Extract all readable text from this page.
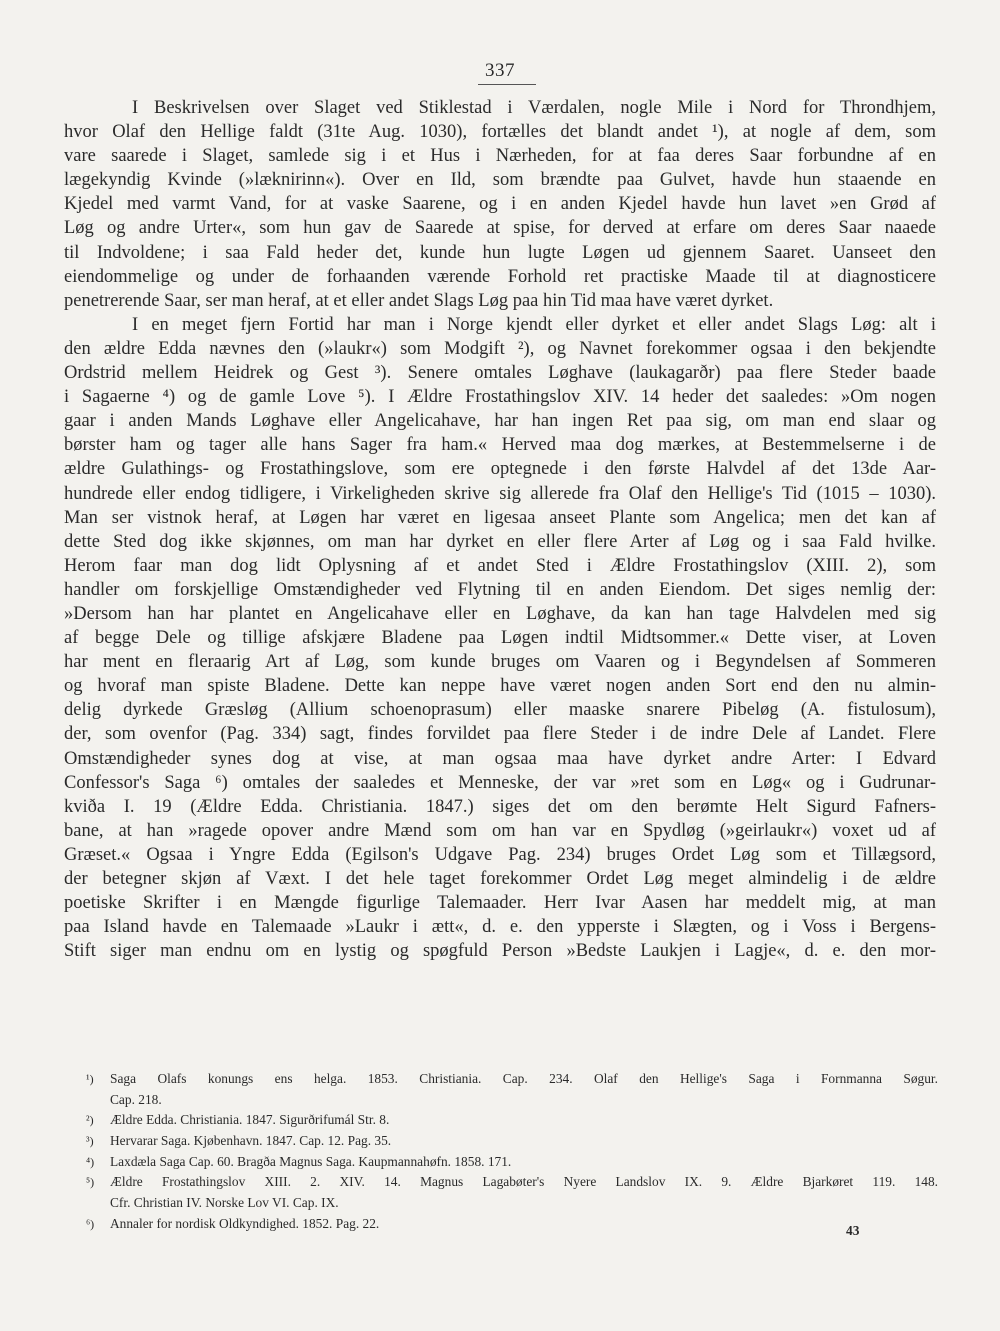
337
I Beskrivelsen over Slaget ved Stiklestad i Værdalen, nogle Mile i Nord for Throndhjem,
hvor Olaf den Hellige faldt (31te Aug. 1030), fortælles det blandt andet ¹), at nogle af dem, som
vare saarede i Slaget, samlede sig i et Hus i Nærheden, for at faa deres Saar forbundne af en
lægekyndig Kvinde (»læknirinn«). Over en Ild, som brændte paa Gulvet, havde hun staaende en
Kjedel med varmt Vand, for at vaske Saarene, og i en anden Kjedel havde hun lavet »en Grød af
Løg og andre Urter«, som hun gav de Saarede at spise, for derved at erfare om deres Saar naaede
til Indvoldene; i saa Fald heder det, kunde hun lugte Løgen ud gjennem Saaret. Uanseet den
eiendommelige og under de forhaanden værende Forhold ret practiske Maade til at diagnosticere
penetrerende Saar, ser man heraf, at et eller andet Slags Løg paa hin Tid maa have været dyrket.
I en meget fjern Fortid har man i Norge kjendt eller dyrket et eller andet Slags Løg: alt i
den ældre Edda nævnes den (»laukr«) som Modgift ²), og Navnet forekommer ogsaa i den bekjendte
Ordstrid mellem Heidrek og Gest ³). Senere omtales Løghave (laukagarðr) paa flere Steder baade
i Sagaerne ⁴) og de gamle Love ⁵). I Ældre Frostathingslov XIV. 14 heder det saaledes: »Om nogen
gaar i anden Mands Løghave eller Angelicahave, har han ingen Ret paa sig, om man end slaar og
børster ham og tager alle hans Sager fra ham.« Herved maa dog mærkes, at Bestemmelserne i de
ældre Gulathings- og Frostathingslove, som ere optegnede i den første Halvdel af det 13de Aar-
hundrede eller endog tidligere, i Virkeligheden skrive sig allerede fra Olaf den Hellige's Tid (1015 – 1030).
Man ser vistnok heraf, at Løgen har været en ligesaa anseet Plante som Angelica; men det kan af
dette Sted dog ikke skjønnes, om man har dyrket en eller flere Arter af Løg og i saa Fald hvilke.
Herom faar man dog lidt Oplysning af et andet Sted i Ældre Frostathingslov (XIII. 2), som
handler om forskjellige Omstændigheder ved Flytning til en anden Eiendom. Det siges nemlig der:
»Dersom han har plantet en Angelicahave eller en Løghave, da kan han tage Halvdelen med sig
af begge Dele og tillige afskjære Bladene paa Løgen indtil Midtsommer.« Dette viser, at Loven
har ment en fleraarig Art af Løg, som kunde bruges om Vaaren og i Begyndelsen af Sommeren
og hvoraf man spiste Bladene. Dette kan neppe have været nogen anden Sort end den nu almin-
delig dyrkede Græsløg (Allium schoenoprasum) eller maaske snarere Pibeløg (A. fistulosum),
der, som ovenfor (Pag. 334) sagt, findes forvildet paa flere Steder i de indre Dele af Landet. Flere
Omstændigheder synes dog at vise, at man ogsaa maa have dyrket andre Arter: I Edvard
Confessor's Saga ⁶) omtales der saaledes et Menneske, der var »ret som en Løg« og i Gudrunar-
kviða I. 19 (Ældre Edda. Christiania. 1847.) siges det om den berømte Helt Sigurd Fafners-
bane, at han »ragede opover andre Mænd som om han var en Spydløg (»geirlaukr«) voxet ud af
Græset.« Ogsaa i Yngre Edda (Egilson's Udgave Pag. 234) bruges Ordet Løg som et Tillægsord,
der betegner skjøn af Væxt. I det hele taget forekommer Ordet Løg meget almindelig i de ældre
poetiske Skrifter i en Mængde figurlige Talemaader. Herr Ivar Aasen har meddelt mig, at man
paa Island havde en Talemaade »Laukr i ætt«, d. e. den ypperste i Slægten, og i Voss i Bergens-
Stift siger man endnu om en lystig og spøgfuld Person »Bedste Laukjen i Lagje«, d. e. den mor-
¹) Saga Olafs konungs ens helga. 1853. Christiania. Cap. 234. Olaf den Hellige's Saga i Fornmanna Søgur.
Cap. 218.
²) Ældre Edda. Christiania. 1847. Sigurðrifumál Str. 8.
³) Hervarar Saga. Kjøbenhavn. 1847. Cap. 12. Pag. 35.
⁴) Laxdæla Saga Cap. 60. Bragða Magnus Saga. Kaupmannahøfn. 1858. 171.
⁵) Ældre Frostathingslov XIII. 2. XIV. 14. Magnus Lagabøter's Nyere Landslov IX. 9. Ældre Bjarkøret 119. 148.
Cfr. Christian IV. Norske Lov VI. Cap. IX.
⁶) Annaler for nordisk Oldkyndighed. 1852. Pag. 22.	43
